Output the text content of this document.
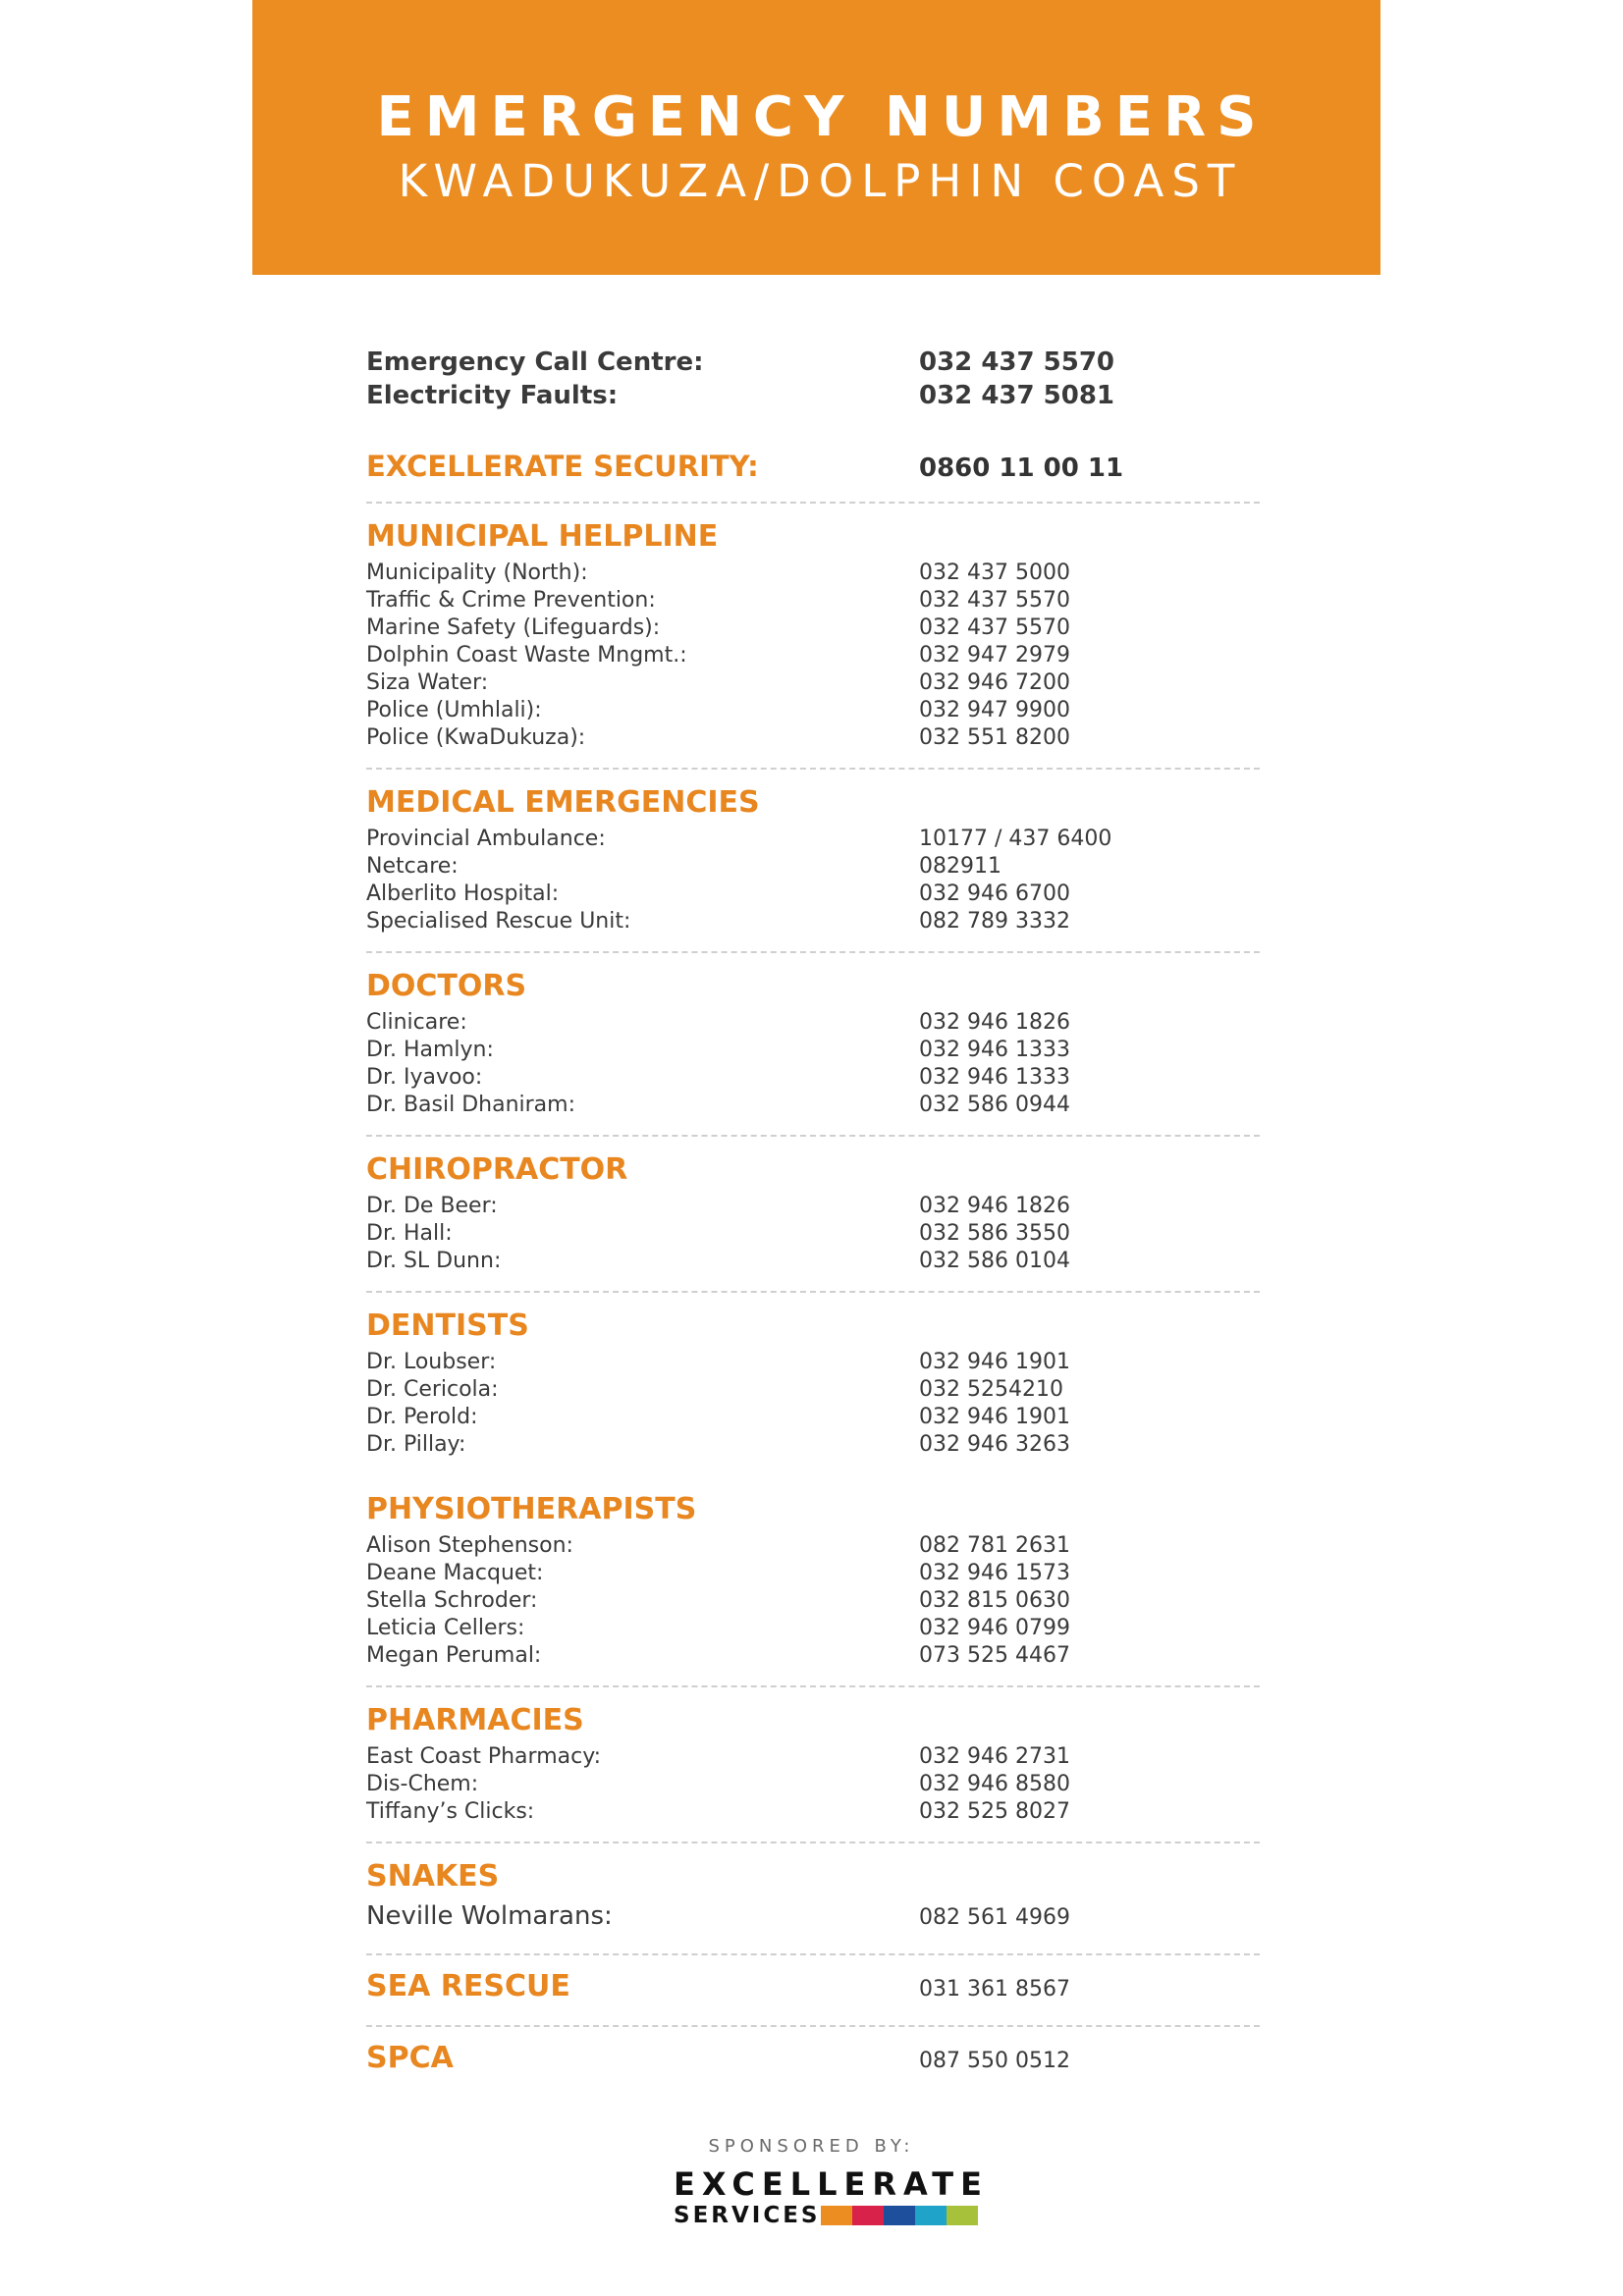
EMERGENCY NUMBERS
KWADUKUZA/DOLPHIN COAST
Emergency Call Centre:	032 437 5570
Electricity Faults:	032 437 5081
EXCELLERATE SECURITY:	0860 11 00 11
MUNICIPAL HELPLINE
Municipality (North):	032 437 5000
Traffic & Crime Prevention:	032 437 5570
Marine Safety (Lifeguards):	032 437 5570
Dolphin Coast Waste Mngmt.:	032 947 2979
Siza Water:	032 946 7200
Police (Umhlali):	032 947 9900
Police (KwaDukuza):	032 551 8200
MEDICAL EMERGENCIES
Provincial Ambulance:	10177 / 437 6400
Netcare:	082911
Alberlito Hospital:	032 946 6700
Specialised Rescue Unit:	082 789 3332
DOCTORS
Clinicare:	032 946 1826
Dr. Hamlyn:	032 946 1333
Dr. Iyavoo:	032 946 1333
Dr. Basil Dhaniram:	032 586 0944
CHIROPRACTOR
Dr. De Beer:	032 946 1826
Dr. Hall:	032 586 3550
Dr. SL Dunn:	032 586 0104
DENTISTS
Dr. Loubser:	032 946 1901
Dr. Cericola:	032 5254210
Dr. Perold:	032 946 1901
Dr. Pillay:	032 946 3263
PHYSIOTHERAPISTS
Alison Stephenson:	082 781 2631
Deane Macquet:	032 946 1573
Stella Schroder:	032 815 0630
Leticia Cellers:	032 946 0799
Megan Perumal:	073 525 4467
PHARMACIES
East Coast Pharmacy:	032 946 2731
Dis-Chem:	032 946 8580
Tiffany’s Clicks:	032 525 8027
SNAKES
Neville Wolmarans:	082 561 4969
SEA RESCUE	031 361 8567
SPCA	087 550 0512
SPONSORED BY:
EXCELLERATE
SERVICES
